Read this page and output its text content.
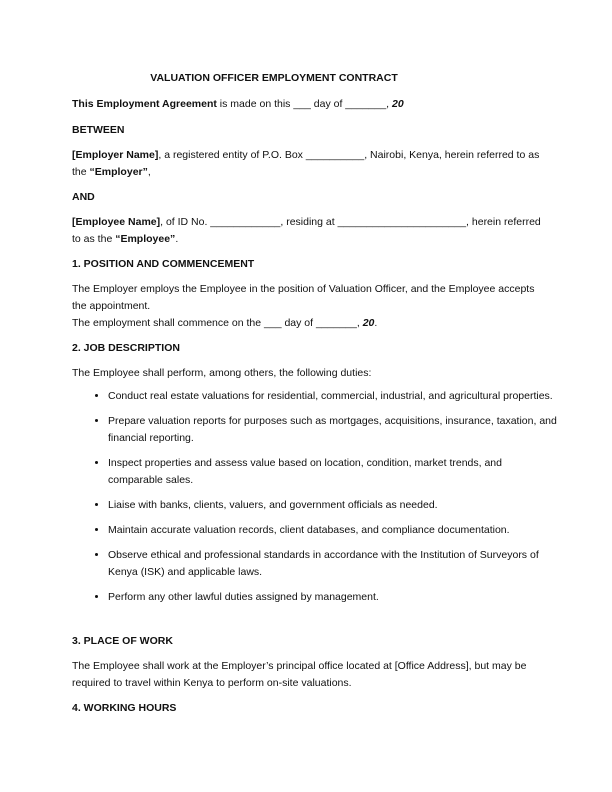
VALUATION OFFICER EMPLOYMENT CONTRACT

This Employment Agreement is made on this ___ day of _______, 20

BETWEEN

[Employer Name], a registered entity of P.O. Box __________, Nairobi, Kenya, herein referred to as the “Employer”,

AND

[Employee Name], of ID No. ____________, residing at ______________________, herein referred to as the “Employee”.

1. POSITION AND COMMENCEMENT

The Employer employs the Employee in the position of Valuation Officer, and the Employee accepts the appointment.

The employment shall commence on the ___ day of _______, 20.

2. JOB DESCRIPTION

The Employee shall perform, among others, the following duties:

• Conduct real estate valuations for residential, commercial, industrial, and agricultural properties.
• Prepare valuation reports for purposes such as mortgages, acquisitions, insurance, taxation, and financial reporting.
• Inspect properties and assess value based on location, condition, market trends, and comparable sales.
• Liaise with banks, clients, valuers, and government officials as needed.
• Maintain accurate valuation records, client databases, and compliance documentation.
• Observe ethical and professional standards in accordance with the Institution of Surveyors of Kenya (ISK) and applicable laws.
• Perform any other lawful duties assigned by management.

3. PLACE OF WORK

The Employee shall work at the Employer’s principal office located at [Office Address], but may be required to travel within Kenya to perform on-site valuations.

4. WORKING HOURS
